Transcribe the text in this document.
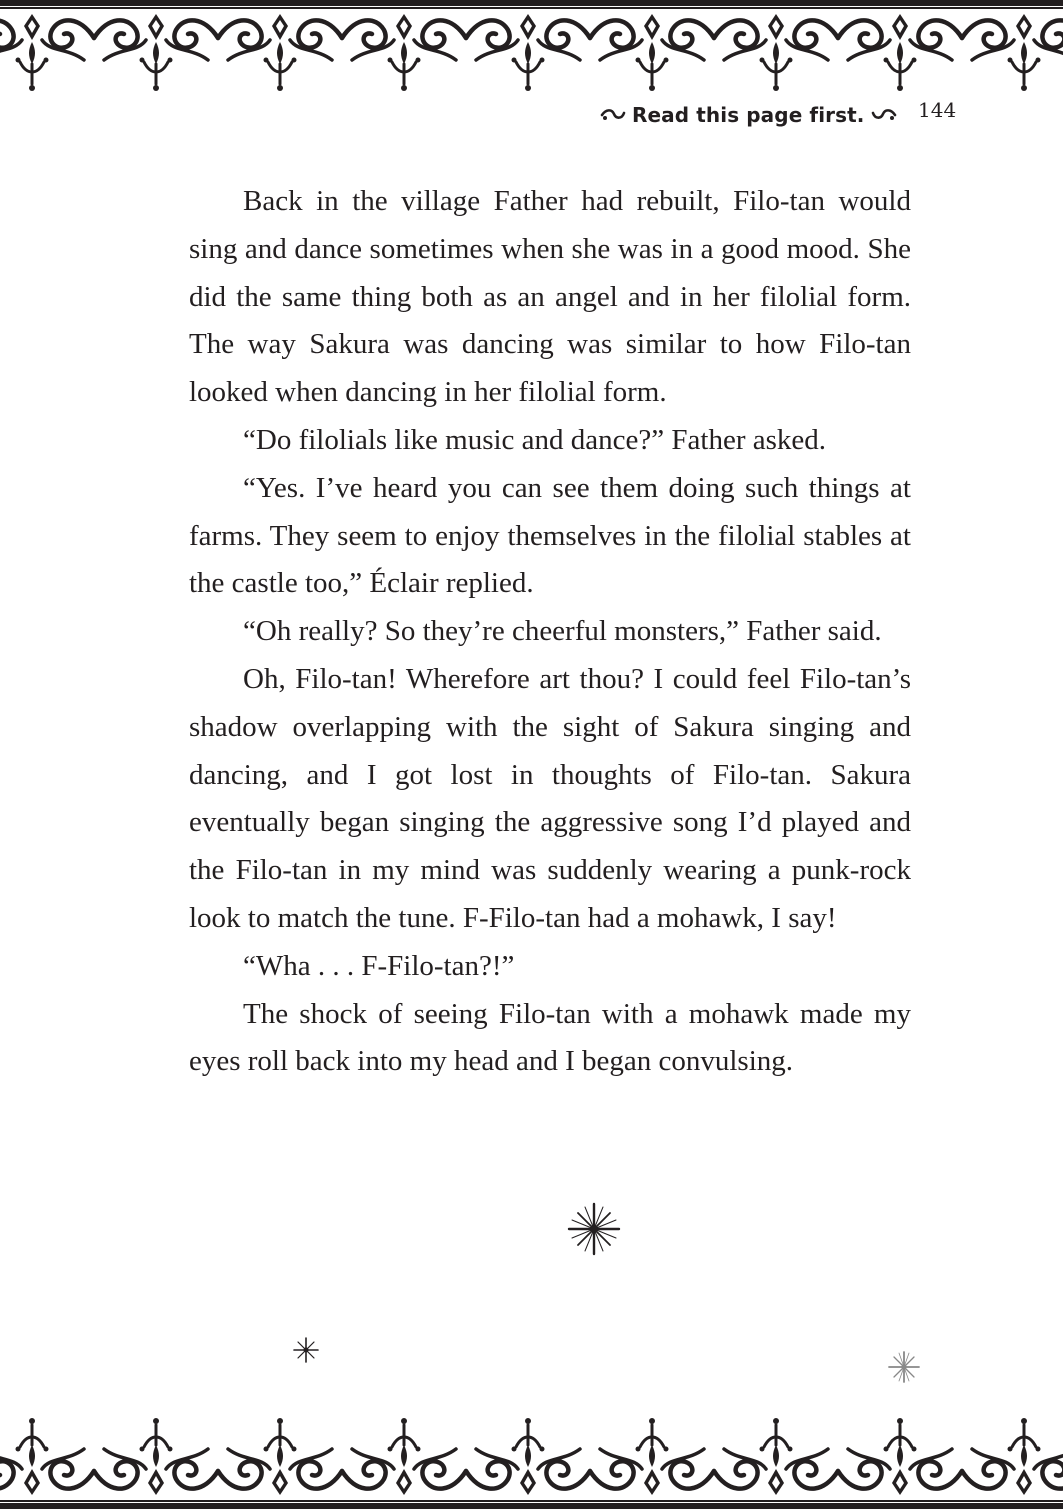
Read this page first.	144

Back in the village Father had rebuilt, Filo-tan would sing and dance sometimes when she was in a good mood. She did the same thing both as an angel and in her filolial form. The way Sakura was dancing was similar to how Filo-tan looked when dancing in her filolial form.

“Do filolials like music and dance?” Father asked.

“Yes. I’ve heard you can see them doing such things at farms. They seem to enjoy themselves in the filolial stables at the castle too,” Éclair replied.

“Oh really? So they’re cheerful monsters,” Father said.

Oh, Filo-tan! Wherefore art thou? I could feel Filo-tan’s shadow overlapping with the sight of Sakura singing and dancing, and I got lost in thoughts of Filo-tan. Sakura eventually began singing the aggressive song I’d played and the Filo-tan in my mind was suddenly wearing a punk-rock look to match the tune. F-Filo-tan had a mohawk, I say!

“Wha . . . F-Filo-tan?!”

The shock of seeing Filo-tan with a mohawk made my eyes roll back into my head and I began convulsing.
